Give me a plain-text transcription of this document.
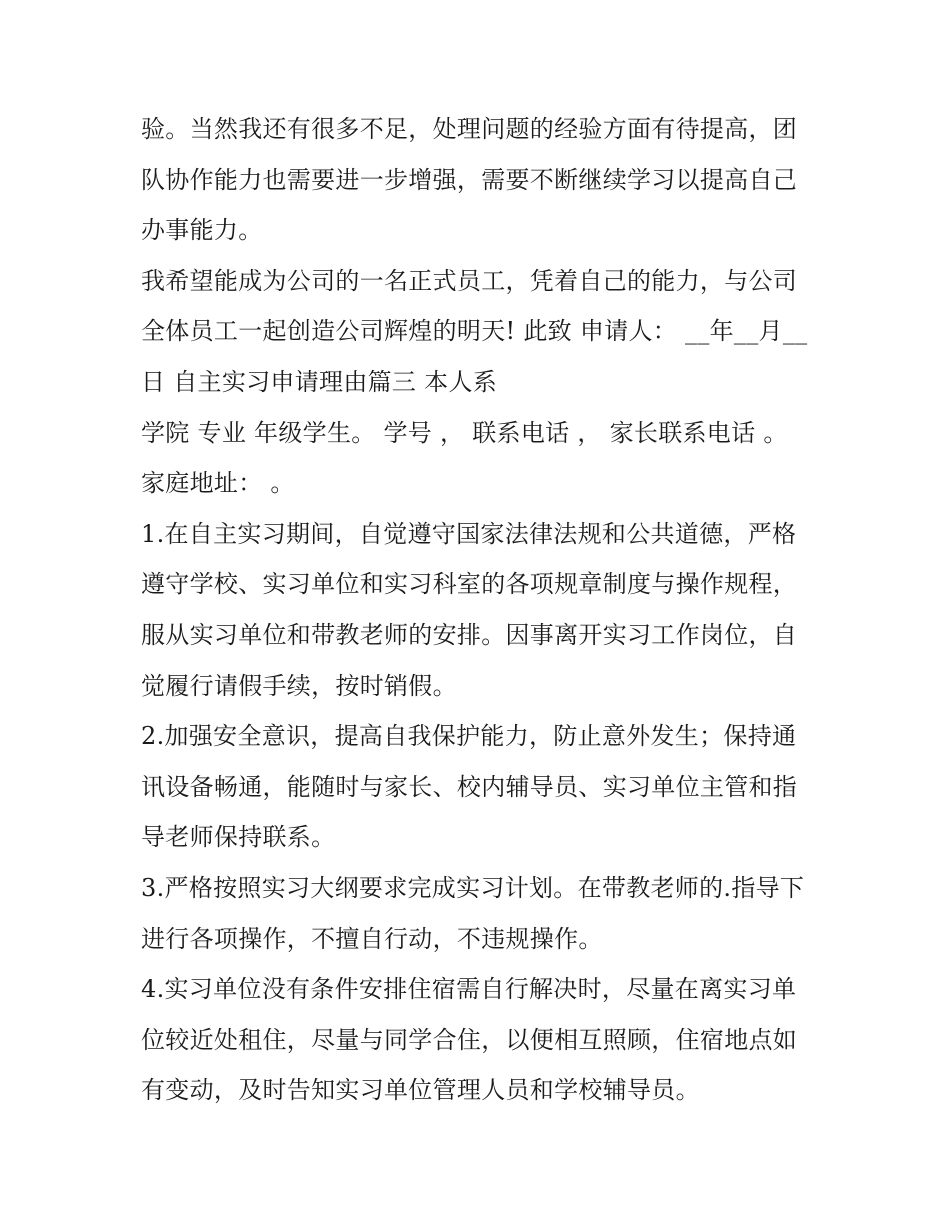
验。当然我还有很多不足，处理问题的经验方面有待提高，团
队协作能力也需要进一步增强，需要不断继续学习以提高自己
办事能力。
我希望能成为公司的一名正式员工，凭着自己的能力，与公司
全体员工一起创造公司辉煌的明天! 此致 申请人： __年__月__
日 自主实习申请理由篇三 本人系
学院 专业 年级学生。 学号 ， 联系电话 ， 家长联系电话 。
家庭地址： 。
1.在自主实习期间，自觉遵守国家法律法规和公共道德，严格
遵守学校、实习单位和实习科室的各项规章制度与操作规程，
服从实习单位和带教老师的安排。因事离开实习工作岗位，自
觉履行请假手续，按时销假。
2.加强安全意识，提高自我保护能力，防止意外发生；保持通
讯设备畅通，能随时与家长、校内辅导员、实习单位主管和指
导老师保持联系。
3.严格按照实习大纲要求完成实习计划。在带教老师的.指导下
进行各项操作，不擅自行动，不违规操作。
4.实习单位没有条件安排住宿需自行解决时，尽量在离实习单
位较近处租住，尽量与同学合住，以便相互照顾，住宿地点如
有变动，及时告知实习单位管理人员和学校辅导员。
